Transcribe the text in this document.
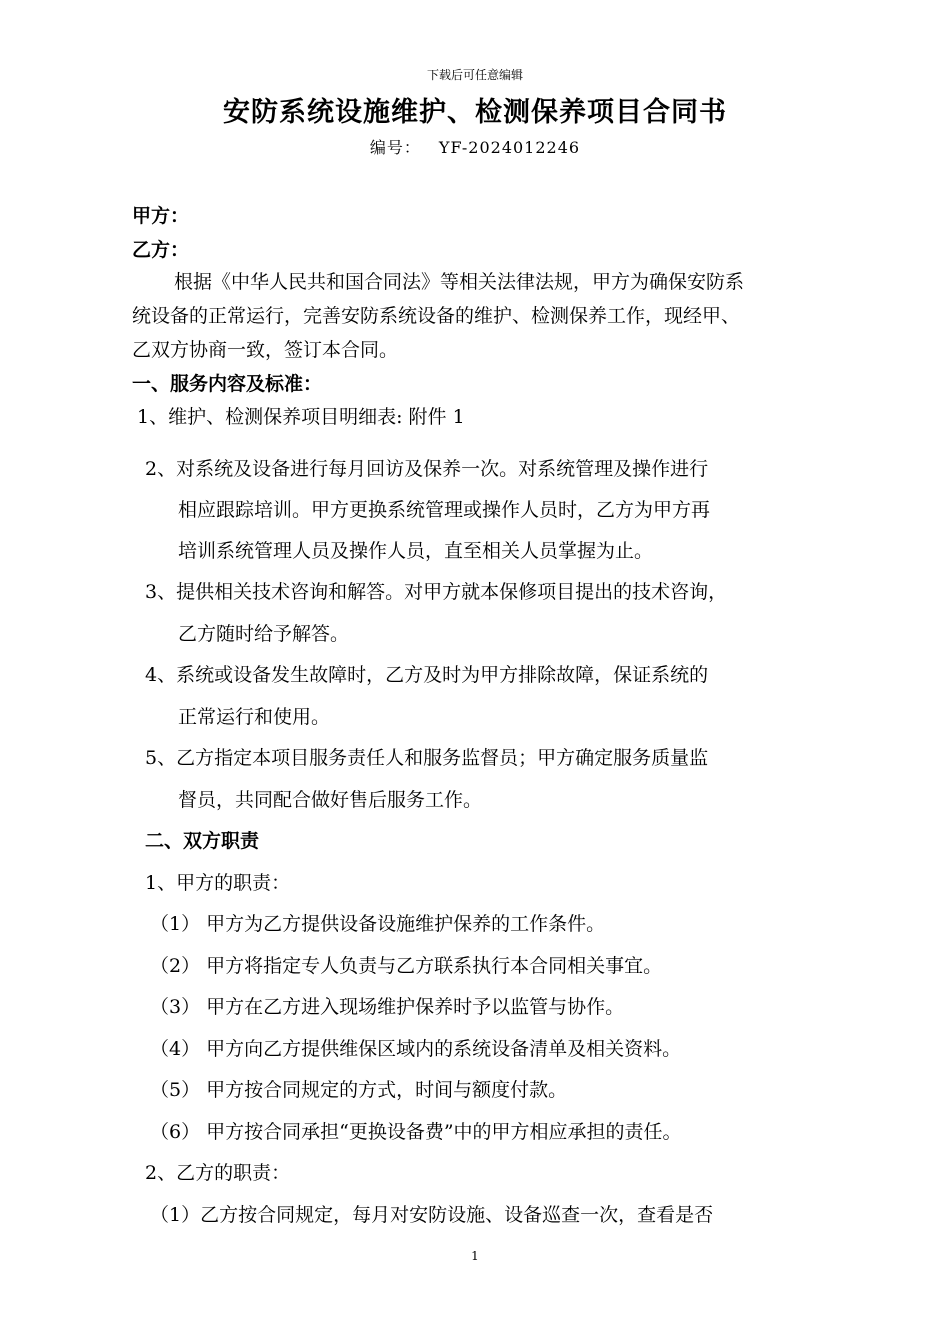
下载后可任意编辑
安防系统设施维护、检测保养项目合同书
编号： YF-2024012246
甲方：
乙方：
根据《中华人民共和国合同法》等相关法律法规，甲方为确保安防系
统设备的正常运行，完善安防系统设备的维护、检测保养工作，现经甲、
乙双方协商一致，签订本合同。
一、服务内容及标准：
1、维护、检测保养项目明细表: 附件 1
2、对系统及设备进行每月回访及保养一次。对系统管理及操作进行
相应跟踪培训。甲方更换系统管理或操作人员时，乙方为甲方再
培训系统管理人员及操作人员，直至相关人员掌握为止。
3、提供相关技术咨询和解答。对甲方就本保修项目提出的技术咨询，
乙方随时给予解答。
4、系统或设备发生故障时，乙方及时为甲方排除故障，保证系统的
正常运行和使用。
5、乙方指定本项目服务责任人和服务监督员；甲方确定服务质量监
督员，共同配合做好售后服务工作。
二、双方职责
1、甲方的职责：
（1） 甲方为乙方提供设备设施维护保养的工作条件。
（2） 甲方将指定专人负责与乙方联系执行本合同相关事宜。
（3） 甲方在乙方进入现场维护保养时予以监管与协作。
（4） 甲方向乙方提供维保区域内的系统设备清单及相关资料。
（5） 甲方按合同规定的方式，时间与额度付款。
（6） 甲方按合同承担“更换设备费”中的甲方相应承担的责任。
2、乙方的职责：
（1）乙方按合同规定，每月对安防设施、设备巡查一次，查看是否
1
